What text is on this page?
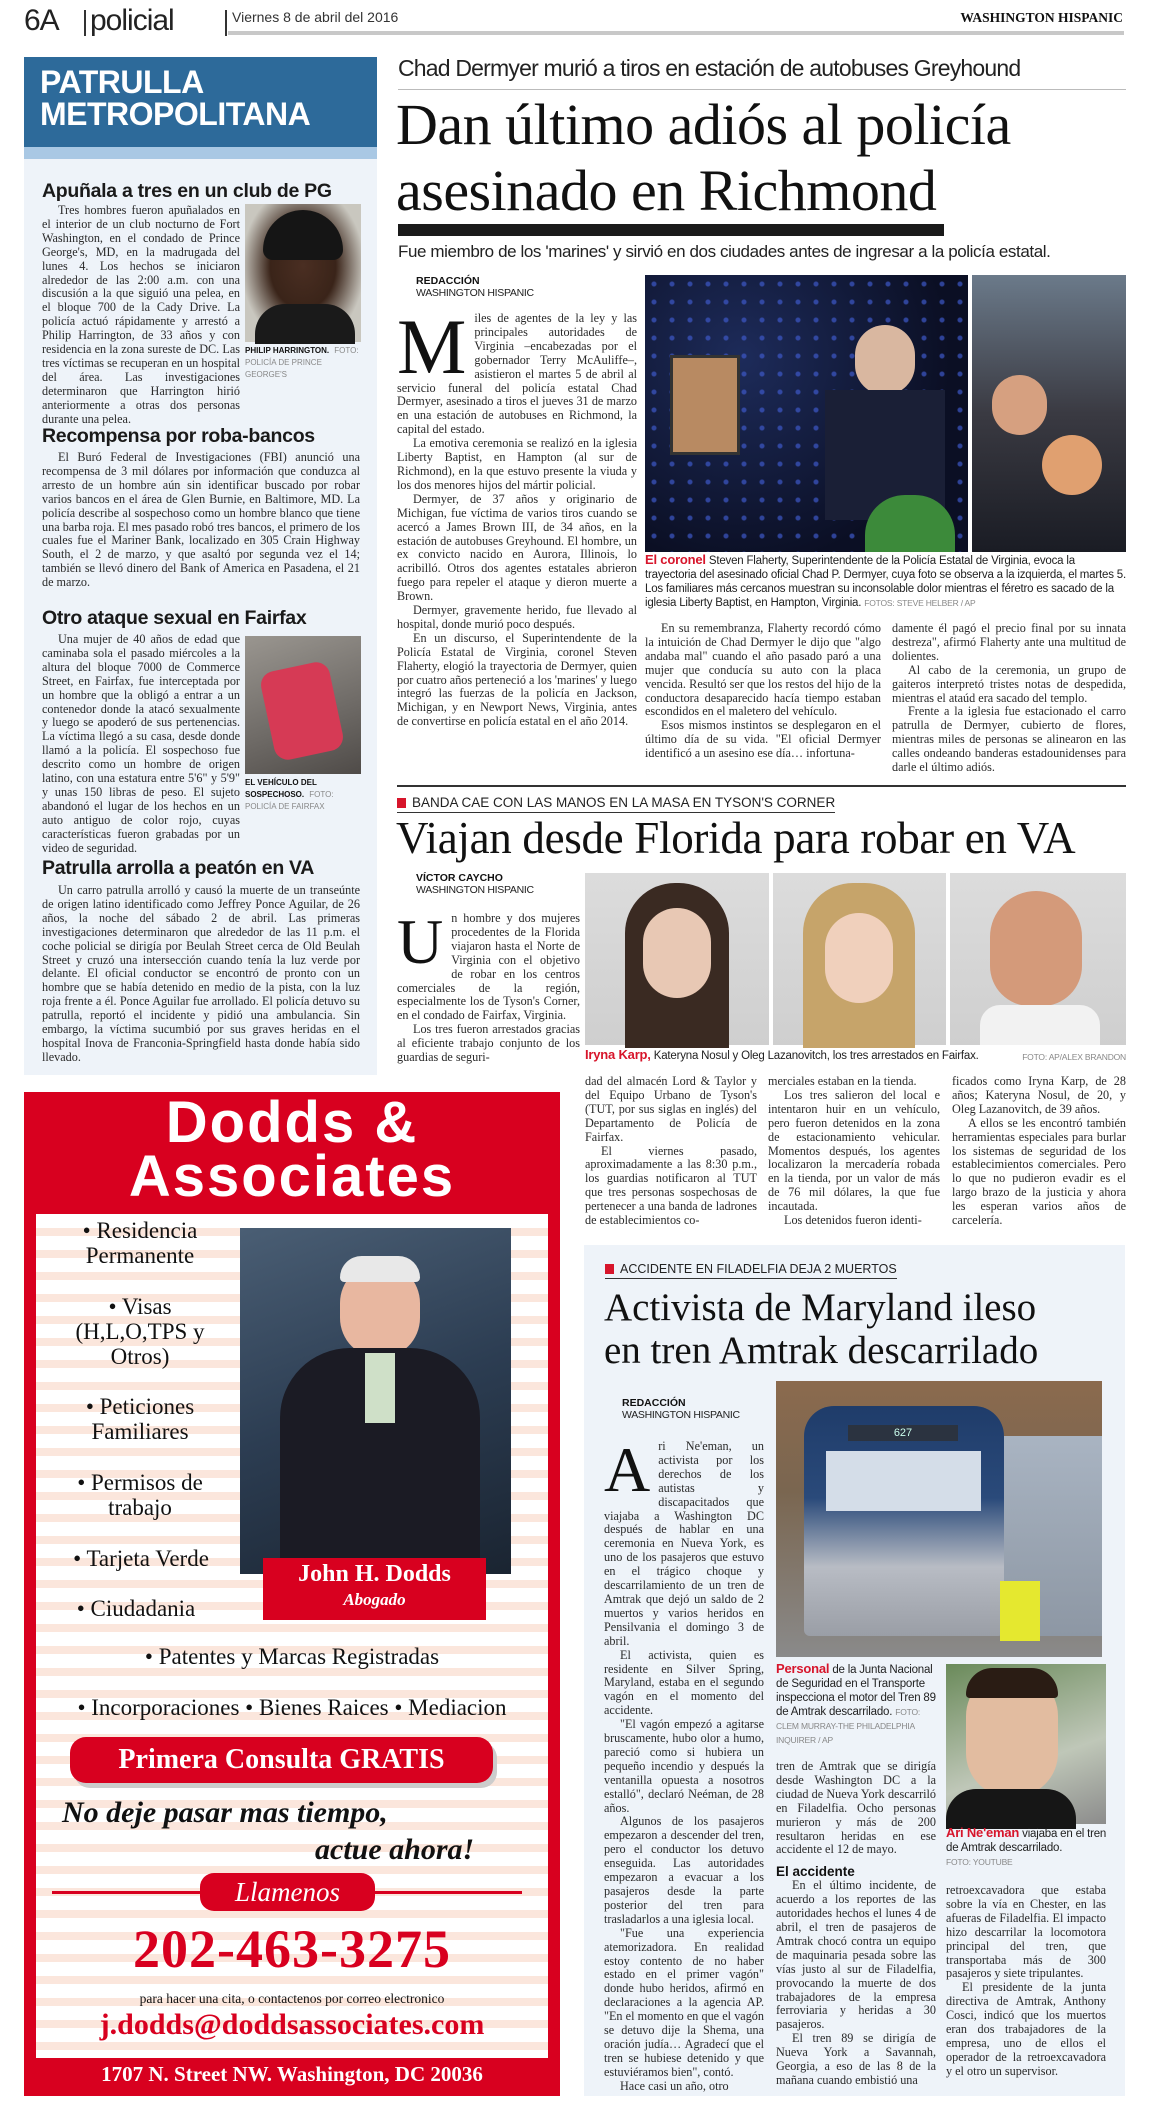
6A policial	Viernes 8 de abril del 2016	WASHINGTON HISPANIC
PATRULLA
METROPOLITANA
Apuñala a tres en un club de PG
PHILIP HARRINGTON. FOTO: POLICÍA DE PRINCE GEORGE'S

Tres hombres fueron apuñalados en el interior de un club nocturno de Fort Washington, en el condado de Prince George's, MD, en la madrugada del lunes 4. Los hechos se iniciaron alrededor de las 2:00 a.m. con una discusión a la que siguió una pelea, en el bloque 700 de la Cady Drive. La policía actuó rápidamente y arrestó a Philip Harrington, de 33 años y con residencia en la zona sureste de DC. Las tres víctimas se recuperan en un hospital del área. Las investigaciones determinaron que Harrington hirió anteriormente a otras dos personas durante una pelea.

Recompensa por roba-bancos

El Buró Federal de Investigaciones (FBI) anunció una recompensa de 3 mil dólares por información que conduzca al arresto de un hombre aún sin identificar buscado por robar varios bancos en el área de Glen Burnie, en Baltimore, MD. La policía describe al sospechoso como un hombre blanco que tiene una barba roja. El mes pasado robó tres bancos, el primero de los cuales fue el Mariner Bank, localizado en 305 Crain Highway South, el 2 de marzo, y que asaltó por segunda vez el 14; también se llevó dinero del Bank of America en Pasadena, el 21 de marzo.

Otro ataque sexual en Fairfax
EL VEHÍCULO DEL SOSPECHOSO. FOTO: POLICÍA DE FAIRFAX

Una mujer de 40 años de edad que caminaba sola el pasado miércoles a la altura del bloque 7000 de Commerce Street, en Fairfax, fue interceptada por un hombre que la obligó a entrar a un contenedor donde la atacó sexualmente y luego se apoderó de sus pertenencias. La víctima llegó a su casa, desde donde llamó a la policía. El sospechoso fue descrito como un hombre de origen latino, con una estatura entre 5'6" y 5'9" y unas 150 libras de peso. El sujeto abandonó el lugar de los hechos en un auto antiguo de color rojo, cuyas características fueron grabadas por un video de seguridad.

Patrulla arrolla a peatón en VA

Un carro patrulla arrolló y causó la muerte de un transeúnte de origen latino identificado como Jeffrey Ponce Aguilar, de 26 años, la noche del sábado 2 de abril. Las primeras investigaciones determinaron que alrededor de las 11 p.m. el coche policial se dirigía por Beulah Street cerca de Old Beulah Street y cruzó una intersección cuando tenía la luz verde por delante. El oficial conductor se encontró de pronto con un hombre que se había detenido en medio de la pista, con la luz roja frente a él. Ponce Aguilar fue arrollado. El policía detuvo su patrulla, reportó el incidente y pidió una ambulancia. Sin embargo, la víctima sucumbió por sus graves heridas en el hospital Inova de Franconia-Springfield hasta donde había sido llevado.

Chad Dermyer murió a tiros en estación de autobuses Greyhound
Dan último adiós al policía
asesinado en Richmond
Fue miembro de los 'marines' y sirvió en dos ciudades antes de ingresar a la policía estatal.
REDACCIÓN
WASHINGTON HISPANIC

Miles de agentes de la ley y las principales autoridades de Virginia –encabezadas por el gobernador Terry McAuliffe–, asistieron el martes 5 de abril al servicio funeral del policía estatal Chad Dermyer, asesinado a tiros el jueves 31 de marzo en una estación de autobuses en Richmond, la capital del estado.

La emotiva ceremonia se realizó en la iglesia Liberty Baptist, en Hampton (al sur de Richmond), en la que estuvo presente la viuda y los dos menores hijos del mártir policial.

Dermyer, de 37 años y originario de Michigan, fue víctima de varios tiros cuando se acercó a James Brown III, de 34 años, en la estación de autobuses Greyhound. El hombre, un ex convicto nacido en Aurora, Illinois, lo acribilló. Otros dos agentes estatales abrieron fuego para repeler el ataque y dieron muerte a Brown.

Dermyer, gravemente herido, fue llevado al hospital, donde murió poco después.

En un discurso, el Superintendente de la Policía Estatal de Virginia, coronel Steven Flaherty, elogió la trayectoria de Dermyer, quien por cuatro años perteneció a los 'marines' y luego integró las fuerzas de la policía en Jackson, Michigan, y en Newport News, Virginia, antes de convertirse en policía estatal en el año 2014.

El coronel Steven Flaherty, Superintendente de la Policía Estatal de Virginia, evoca la trayectoria del asesinado oficial Chad P. Dermyer, cuya foto se observa a la izquierda, el martes 5. Los familiares más cercanos muestran su inconsolable dolor mientras el féretro es sacado de la iglesia Liberty Baptist, en Hampton, Virginia. FOTOS: STEVE HELBER / AP

En su remembranza, Flaherty recordó cómo la intuición de Chad Dermyer le dijo que "algo andaba mal" cuando el año pasado paró a una mujer que conducía su auto con la placa vencida. Resultó ser que los restos del hijo de la conductora desaparecido hacía tiempo estaban escondidos en el maletero del vehículo.

Esos mismos instintos se desplegaron en el último día de su vida. "El oficial Dermyer identificó a un asesino ese día… infortuna-

damente él pagó el precio final por su innata destreza", afirmó Flaherty ante una multitud de dolientes.

Al cabo de la ceremonia, un grupo de gaiteros interpretó tristes notas de despedida, mientras el ataúd era sacado del templo.

Frente a la iglesia fue estacionado el carro patrulla de Dermyer, cubierto de flores, mientras miles de personas se alinearon en las calles ondeando banderas estadounidenses para darle el último adiós.

BANDA CAE CON LAS MANOS EN LA MASA EN TYSON'S CORNER
Viajan desde Florida para robar en VA
VÍCTOR CAYCHO
WASHINGTON HISPANIC

Un hombre y dos mujeres procedentes de la Florida viajaron hasta el Norte de Virginia con el objetivo de robar en los centros comerciales de la región, especialmente los de Tyson's Corner, en el condado de Fairfax, Virginia.

Los tres fueron arrestados gracias al eficiente trabajo conjunto de los guardias de seguri-	Iryna Karp, Kateryna Nosul y Oleg Lazanovitch, los tres arrestados en Fairfax.	FOTO: AP/ALEX BRANDON

dad del almacén Lord & Taylor y del Equipo Urbano de Tyson's (TUT, por sus siglas en inglés) del Departamento de Policía de Fairfax.

El viernes pasado, aproximadamente a las 8:30 p.m., los guardias notificaron al TUT que tres personas sospechosas de pertenecer a una banda de ladrones de establecimientos co-

merciales estaban en la tienda.

Los tres salieron del local e intentaron huir en un vehículo, pero fueron detenidos en la zona de estacionamiento vehicular. Momentos después, los agentes localizaron la mercadería robada en la tienda, por un valor de más de 76 mil dólares, la que fue incautada.

Los detenidos fueron identi-

ficados como Iryna Karp, de 28 años; Kateryna Nosul, de 20, y Oleg Lazanovitch, de 39 años.

A ellos se les encontró también herramientas especiales para burlar los sistemas de seguridad de los establecimientos comerciales. Pero lo que no pudieron evadir es el largo brazo de la justicia y ahora les esperan varios años de carcelería.

ACCIDENTE EN FILADELFIA DEJA 2 MUERTOS
Activista de Maryland ileso
en tren Amtrak descarrilado
REDACCIÓN
WASHINGTON HISPANIC

Ari Ne'eman, un activista por los derechos de los autistas y discapacitados que viajaba a Washington DC después de hablar en una ceremonia en Nueva York, es uno de los pasajeros que estuvo en el trágico choque y descarrilamiento de un tren de Amtrak que dejó un saldo de 2 muertos y varios heridos en Pensilvania el domingo 3 de abril.

El activista, quien es residente en Silver Spring, Maryland, estaba en el segundo vagón en el momento del accidente.

"El vagón empezó a agitarse bruscamente, hubo olor a humo, pareció como si hubiera un pequeño incendio y después la ventanilla opuesta a nosotros estalló", declaró Neéman, de 28 años.

Algunos de los pasajeros empezaron a descender del tren, pero el conductor los detuvo enseguida. Las autoridades empezaron a evacuar a los pasajeros desde la parte posterior del tren para trasladarlos a una iglesia local.

"Fue una experiencia atemorizadora. En realidad estoy contento de no haber estado en el primer vagón" donde hubo heridos, afirmó en declaraciones a la agencia AP. "En el momento en que el vagón se detuvo dije la Shema, una oración judía… Agradecí que el tren se hubiese detenido y que estuviéramos bien", contó.

Hace casi un año, otro

627
Personal de la Junta Nacional de Seguridad en el Transporte inspecciona el motor del Tren 89 de Amtrak descarrilado. FOTO: CLEM MURRAY-THE PHILADELPHIA INQUIRER / AP
Ari Ne'eman viajaba en el tren de Amtrak descarrilado.
FOTO: YOUTUBE

tren de Amtrak que se dirigía desde Washington DC a la ciudad de Nueva York descarriló en Filadelfia. Ocho personas murieron y más de 200 resultaron heridas en ese accidente el 12 de mayo.

El accidente

En el último incidente, de acuerdo a los reportes de las autoridades hechos el lunes 4 de abril, el tren de pasajeros de Amtrak chocó contra un equipo de maquinaria pesada sobre las vías justo al sur de Filadelfia, provocando la muerte de dos trabajadores de la empresa ferroviaria y heridas a 30 pasajeros.

El tren 89 se dirigía de Nueva York a Savannah, Georgia, a eso de las 8 de la mañana cuando embistió una

retroexcavadora que estaba sobre la vía en Chester, en las afueras de Filadelfia. El impacto hizo descarrilar la locomotora principal del tren, que transportaba más de 300 pasajeros y siete tripulantes.

El presidente de la junta directiva de Amtrak, Anthony Cosci, indicó que los muertos eran dos trabajadores de la empresa, uno de ellos el operador de la retroexcavadora y el otro un supervisor.

Dodds &
Associates
• Residencia Permanente
• Visas (H,L,O,TPS y Otros)
• Peticiones Familiares
• Permisos de trabajo
• Tarjeta Verde
• Ciudadania
• Patentes y Marcas Registradas
• Incorporaciones • Bienes Raices • Mediacion
John H. Dodds
Abogado
Primera Consulta GRATIS
No deje pasar mas tiempo,
actue ahora!
Llamenos
202-463-3275
para hacer una cita, o contactenos por correo electronico
j.dodds@doddsassociates.com
1707 N. Street NW. Washington, DC 20036
